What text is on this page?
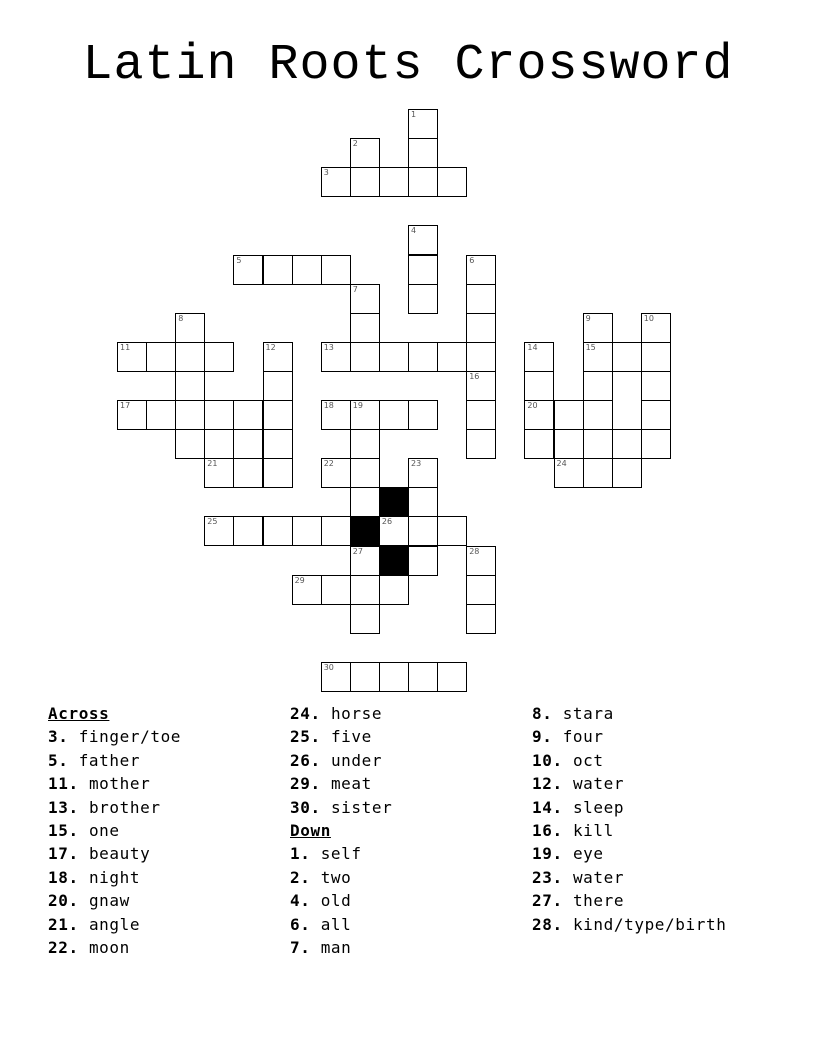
Latin Roots Crossword
1
2
3
4
5	6
7
8	9	10
11	12	13	14	15
16
17	18 19	20
21	22	23	24
25	26
27	28
29
30
Across
3. finger/toe
5. father
11. mother
13. brother
15. one
17. beauty
18. night
20. gnaw
21. angle
22. moon
24. horse
25. five
26. under
29. meat
30. sister
Down
1. self
2. two
4. old
6. all
7. man
8. stara
9. four
10. oct
12. water
14. sleep
16. kill
19. eye
23. water
27. there
28. kind/type/birth
